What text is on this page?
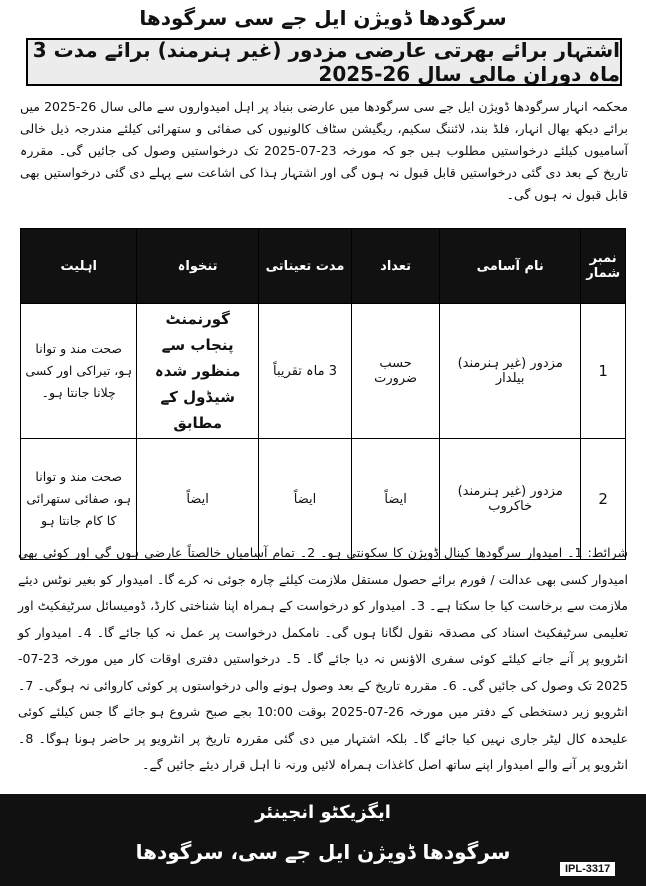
سرگودھا ڈویژن ایل جے سی سرگودھا
اشتہار برائے بھرتی عارضی مزدور (غیر ہنرمند) برائے مدت 3 ماہ دوران مالی سال 26-2025
محکمہ انہار سرگودھا ڈویژن ایل جے سی سرگودھا میں عارضی بنیاد پر اہل امیدواروں سے مالی سال 26-2025 میں برائے دیکھ بھال انہار، فلڈ بند، لائننگ سکیم، ریگیشن سٹاف کالونیوں کی صفائی و ستھرائی کیلئے مندرجہ ذیل خالی آسامیوں کیلئے درخواستیں مطلوب ہیں جو کہ مورخہ 23-07-2025 تک درخواستیں وصول کی جائیں گی۔ مقررہ تاریخ کے بعد دی گئی درخواستیں قابل قبول نہ ہوں گی اور اشتہار ہذا کی اشاعت سے پہلے دی گئی درخواستیں بھی قابل قبول نہ ہوں گی۔
نمبر شمار	نام آسامی	تعداد	مدت تعیناتی	تنخواہ	اہلیت
1	مزدور (غیر ہنرمند) بیلدار	حسب ضرورت	3 ماہ تقریباً	گورنمنٹ پنجاب سے منظور شدہ شیڈول کے مطابق	صحت مند و توانا ہو، تیراکی اور کسی چلانا جانتا ہو۔
2	مزدور (غیر ہنرمند) خاکروب	ایضاً	ایضاً	ایضاً	صحت مند و توانا ہو، صفائی ستھرائی کا کام جانتا ہو
شرائط: 1۔ امیدوار سرگودھا کینال ڈویژن کا سکونتی ہو۔ 2۔ تمام آسامیاں خالصتاً عارضی ہوں گی اور کوئی بھی امیدوار کسی بھی عدالت / فورم برائے حصول مستقل ملازمت کیلئے چارہ جوئی نہ کرے گا۔ امیدوار کو بغیر نوٹس دیئے ملازمت سے برخاست کیا جا سکتا ہے۔ 3۔ امیدوار کو درخواست کے ہمراہ اپنا شناختی کارڈ، ڈومیسائل سرٹیفکیٹ اور تعلیمی سرٹیفکیٹ اسناد کی مصدقہ نقول لگانا ہوں گی۔ نامکمل درخواست پر عمل نہ کیا جائے گا۔ 4۔ امیدوار کو انٹرویو پر آنے جانے کیلئے کوئی سفری الاؤنس نہ دیا جائے گا۔ 5۔ درخواستیں دفتری اوقات کار میں مورخہ 23-07-2025 تک وصول کی جائیں گی۔ 6۔ مقررہ تاریخ کے بعد وصول ہونے والی درخواستوں پر کوئی کاروائی نہ ہوگی۔ 7۔ انٹرویو زیر دستخطی کے دفتر میں مورخہ 26-07-2025 بوقت 10:00 بجے صبح شروع ہو جائے گا جس کیلئے کوئی علیحدہ کال لیٹر جاری نہیں کیا جائے گا۔ بلکہ اشتہار میں دی گئی مقررہ تاریخ پر انٹرویو پر حاضر ہونا ہوگا۔ 8۔ انٹرویو پر آنے والے امیدوار اپنے ساتھ اصل کاغذات ہمراہ لائیں ورنہ نا اہل قرار دیئے جائیں گے۔
ایگزیکٹو انجینئر
سرگودھا ڈویژن ایل جے سی، سرگودھا
IPL-3317
